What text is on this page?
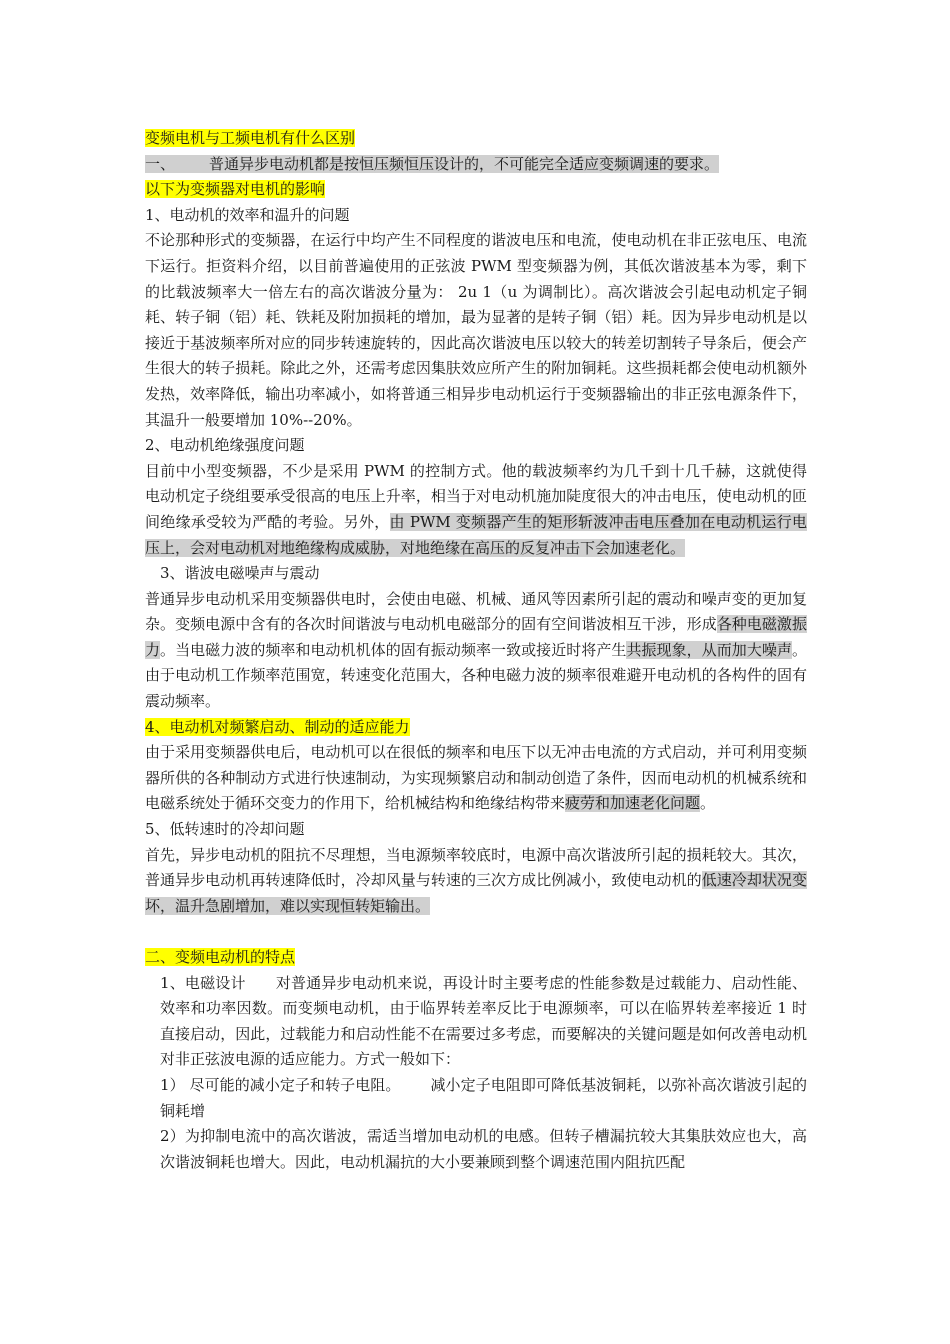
变频电机与工频电机有什么区别

一、 普通异步电动机都是按恒压频恒压设计的，不可能完全适应变频调速的要求。

以下为变频器对电机的影响

1、电动机的效率和温升的问题

不论那种形式的变频器，在运行中均产生不同程度的谐波电压和电流，使电动机在非正弦电压、电流下运行。拒资料介绍，以目前普遍使用的正弦波 PWM 型变频器为例，其低次谐波基本为零，剩下的比载波频率大一倍左右的高次谐波分量为： 2u 1（u 为调制比）。高次谐波会引起电动机定子铜耗、转子铜（铝）耗、铁耗及附加损耗的增加，最为显著的是转子铜（铝）耗。因为异步电动机是以接近于基波频率所对应的同步转速旋转的，因此高次谐波电压以较大的转差切割转子导条后，便会产生很大的转子损耗。除此之外，还需考虑因集肤效应所产生的附加铜耗。这些损耗都会使电动机额外发热，效率降低，输出功率减小，如将普通三相异步电动机运行于变频器输出的非正弦电源条件下，其温升一般要增加 10%--20%。

2、电动机绝缘强度问题

目前中小型变频器，不少是采用 PWM 的控制方式。他的载波频率约为几千到十几千赫，这就使得电动机定子绕组要承受很高的电压上升率，相当于对电动机施加陡度很大的冲击电压，使电动机的匝间绝缘承受较为严酷的考验。另外，由 PWM 变频器产生的矩形斩波冲击电压叠加在电动机运行电压上，会对电动机对地绝缘构成威胁，对地绝缘在高压的反复冲击下会加速老化。

3、谐波电磁噪声与震动

普通异步电动机采用变频器供电时，会使由电磁、机械、通风等因素所引起的震动和噪声变的更加复杂。变频电源中含有的各次时间谐波与电动机电磁部分的固有空间谐波相互干涉，形成各种电磁激振力。当电磁力波的频率和电动机机体的固有振动频率一致或接近时将产生共振现象，从而加大噪声。由于电动机工作频率范围宽，转速变化范围大，各种电磁力波的频率很难避开电动机的各构件的固有震动频率。

4、电动机对频繁启动、制动的适应能力

由于采用变频器供电后，电动机可以在很低的频率和电压下以无冲击电流的方式启动，并可利用变频器所供的各种制动方式进行快速制动，为实现频繁启动和制动创造了条件，因而电动机的机械系统和电磁系统处于循环交变力的作用下，给机械结构和绝缘结构带来疲劳和加速老化问题。

5、低转速时的冷却问题

首先，异步电动机的阻抗不尽理想，当电源频率较底时，电源中高次谐波所引起的损耗较大。其次，普通异步电动机再转速降低时，冷却风量与转速的三次方成比例减小，致使电动机的低速冷却状况变坏，温升急剧增加，难以实现恒转矩输出。

二、变频电动机的特点

1、电磁设计 对普通异步电动机来说，再设计时主要考虑的性能参数是过载能力、启动性能、效率和功率因数。而变频电动机，由于临界转差率反比于电源频率，可以在临界转差率接近 1 时直接启动，因此，过载能力和启动性能不在需要过多考虑，而要解决的关键问题是如何改善电动机对非正弦波电源的适应能力。方式一般如下：

1） 尽可能的减小定子和转子电阻。 减小定子电阻即可降低基波铜耗，以弥补高次谐波引起的铜耗增

2）为抑制电流中的高次谐波，需适当增加电动机的电感。但转子槽漏抗较大其集肤效应也大，高次谐波铜耗也增大。因此，电动机漏抗的大小要兼顾到整个调速范围内阻抗匹配
